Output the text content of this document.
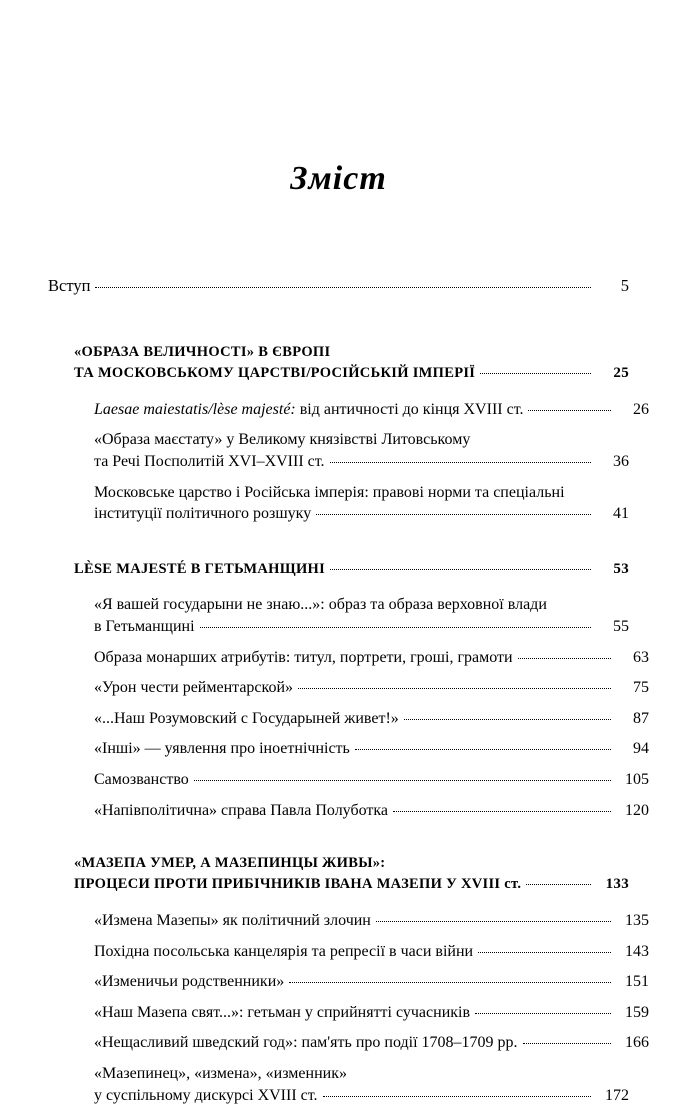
Зміст
Вступ	5
«ОБРАЗА ВЕЛИЧНОСТІ» В ЄВРОПІ
ТА МОСКОВСЬКОМУ ЦАРСТВІ/РОСІЙСЬКІЙ ІМПЕРІЇ	25
Laesae maiestatis/lèse majesté: від античності до кінця XVIII ст.	26
«Образа маєстату» у Великому князівстві Литовському
та Речі Посполитій XVI–XVIII ст.	36
Московське царство і Російська імперія: правові норми та спеціальні
інституції політичного розшуку	41
LÈSE MAJESTÉ В ГЕТЬМАНЩИНІ	53
«Я вашей государыни не знаю...»: образ та образа верховної влади
в Гетьманщині	55
Образа монарших атрибутів: титул, портрети, гроші, грамоти	63
«Урон чести рейментарской»	75
«...Наш Розумовский с Государыней живет!»	87
«Інші» — уявлення про іноетнічність	94
Самозванство	105
«Напівполітична» справа Павла Полуботка	120
«МАЗЕПА УМЕР, А МАЗЕПИНЦЫ ЖИВЫ»:
ПРОЦЕСИ ПРОТИ ПРИБІЧНИКІВ ІВАНА МАЗЕПИ У XVIII ст.	133
«Измена Мазепы» як політичний злочин	135
Похідна посольська канцелярія та репресії в часи війни	143
«Изменичьи родственники»	151
«Наш Мазепа свят...»: гетьман у сприйнятті сучасників	159
«Нещасливий шведский год»: пам'ять про події 1708–1709 рр.	166
«Мазепинец», «измена», «изменник»
у суспільному дискурсі XVIII ст.	172
